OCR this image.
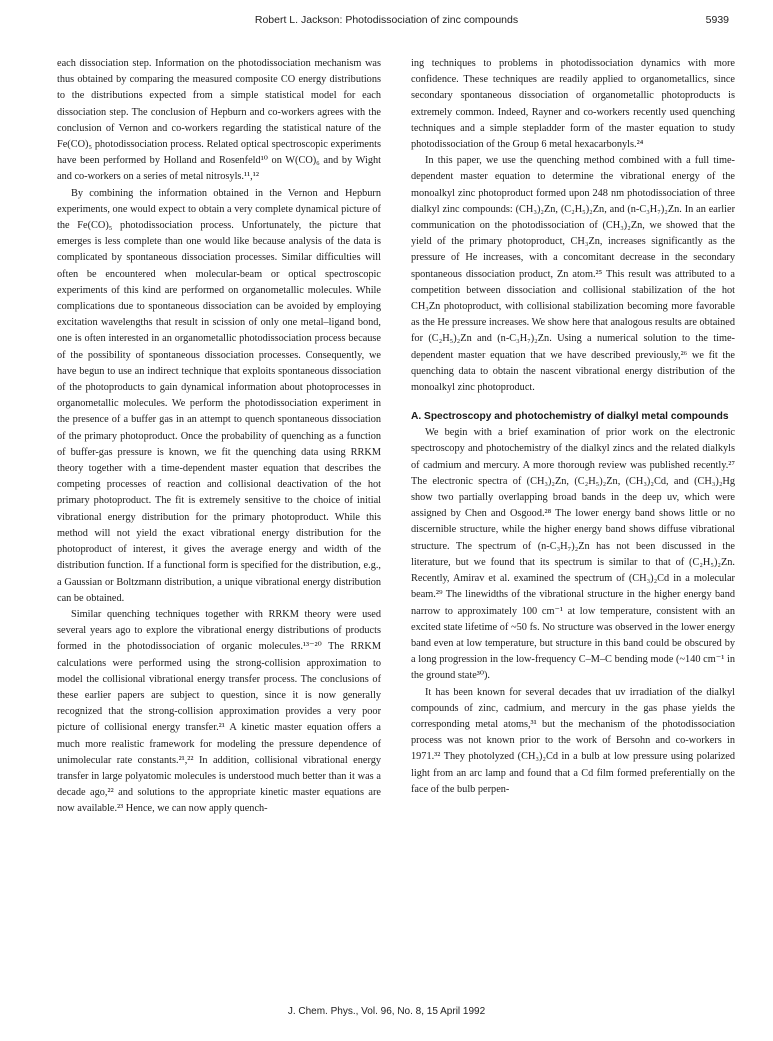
Robert L. Jackson: Photodissociation of zinc compounds	5939

each dissociation step. Information on the photodissociation mechanism was thus obtained by comparing the measured composite CO energy distributions to the distributions expected from a simple statistical model for each dissociation step. The conclusion of Hepburn and co-workers agrees with the conclusion of Vernon and co-workers regarding the statistical nature of the Fe(CO)₅ photodissociation process. Related optical spectroscopic experiments have been performed by Holland and Rosenfeld¹⁰ on W(CO)₆ and by Wight and co-workers on a series of metal nitrosyls.¹¹,¹²

By combining the information obtained in the Vernon and Hepburn experiments, one would expect to obtain a very complete dynamical picture of the Fe(CO)₅ photodissociation process. Unfortunately, the picture that emerges is less complete than one would like because analysis of the data is complicated by spontaneous dissociation processes. Similar difficulties will often be encountered when molecular-beam or optical spectroscopic experiments of this kind are performed on organometallic molecules. While complications due to spontaneous dissociation can be avoided by employing excitation wavelengths that result in scission of only one metal–ligand bond, one is often interested in an organometallic photodissociation process because of the possibility of spontaneous dissociation processes. Consequently, we have begun to use an indirect technique that exploits spontaneous dissociation of the photoproducts to gain dynamical information about photoprocesses in organometallic molecules. We perform the photodissociation experiment in the presence of a buffer gas in an attempt to quench spontaneous dissociation of the primary photoproduct. Once the probability of quenching as a function of buffer-gas pressure is known, we fit the quenching data using RRKM theory together with a time-dependent master equation that describes the competing processes of reaction and collisional deactivation of the hot primary photoproduct. The fit is extremely sensitive to the choice of initial vibrational energy distribution for the primary photoproduct. While this method will not yield the exact vibrational energy distribution for the photoproduct of interest, it gives the average energy and width of the distribution function. If a functional form is specified for the distribution, e.g., a Gaussian or Boltzmann distribution, a unique vibrational energy distribution can be obtained.

Similar quenching techniques together with RRKM theory were used several years ago to explore the vibrational energy distributions of products formed in the photodissociation of organic molecules.¹³⁻²⁰ The RRKM calculations were performed using the strong-collision approximation to model the collisional vibrational energy transfer process. The conclusions of these earlier papers are subject to question, since it is now generally recognized that the strong-collision approximation provides a very poor picture of collisional energy transfer.²¹ A kinetic master equation offers a much more realistic framework for modeling the pressure dependence of unimolecular rate constants.²¹,²² In addition, collisional vibrational energy transfer in large polyatomic molecules is understood much better than it was a decade ago,²² and solutions to the appropriate kinetic master equations are now available.²³ Hence, we can now apply quench-

ing techniques to problems in photodissociation dynamics with more confidence. These techniques are readily applied to organometallics, since secondary spontaneous dissociation of organometallic photoproducts is extremely common. Indeed, Rayner and co-workers recently used quenching techniques and a simple stepladder form of the master equation to study photodissociation of the Group 6 metal hexacarbonyls.²⁴

In this paper, we use the quenching method combined with a full time-dependent master equation to determine the vibrational energy of the monoalkyl zinc photoproduct formed upon 248 nm photodissociation of three dialkyl zinc compounds: (CH₃)₂Zn, (C₂H₅)₂Zn, and (n-C₃H₇)₂Zn. In an earlier communication on the photodissociation of (CH₃)₂Zn, we showed that the yield of the primary photoproduct, CH₃Zn, increases significantly as the pressure of He increases, with a concomitant decrease in the secondary spontaneous dissociation product, Zn atom.²⁵ This result was attributed to a competition between dissociation and collisional stabilization of the hot CH₃Zn photoproduct, with collisional stabilization becoming more favorable as the He pressure increases. We show here that analogous results are obtained for (C₂H₅)₂Zn and (n-C₃H₇)₂Zn. Using a numerical solution to the time-dependent master equation that we have described previously,²⁶ we fit the quenching data to obtain the nascent vibrational energy distribution of the monoalkyl zinc photoproduct.

A. Spectroscopy and photochemistry of dialkyl metal compounds

We begin with a brief examination of prior work on the electronic spectroscopy and photochemistry of the dialkyl zincs and the related dialkyls of cadmium and mercury. A more thorough review was published recently.²⁷ The electronic spectra of (CH₃)₂Zn, (C₂H₅)₂Zn, (CH₃)₂Cd, and (CH₃)₂Hg show two partially overlapping broad bands in the deep uv, which were assigned by Chen and Osgood.²⁸ The lower energy band shows little or no discernible structure, while the higher energy band shows diffuse vibrational structure. The spectrum of (n-C₃H₇)₂Zn has not been discussed in the literature, but we found that its spectrum is similar to that of (C₂H₅)₂Zn. Recently, Amirav et al. examined the spectrum of (CH₃)₂Cd in a molecular beam.²⁹ The linewidths of the vibrational structure in the higher energy band narrow to approximately 100 cm⁻¹ at low temperature, consistent with an excited state lifetime of ~50 fs. No structure was observed in the lower energy band even at low temperature, but structure in this band could be obscured by a long progression in the low-frequency C–M–C bending mode (~140 cm⁻¹ in the ground state³⁰).

It has been known for several decades that uv irradiation of the dialkyl compounds of zinc, cadmium, and mercury in the gas phase yields the corresponding metal atoms,³¹ but the mechanism of the photodissociation process was not known prior to the work of Bersohn and co-workers in 1971.³² They photolyzed (CH₃)₂Cd in a bulb at low pressure using polarized light from an arc lamp and found that a Cd film formed preferentially on the face of the bulb perpen-

J. Chem. Phys., Vol. 96, No. 8, 15 April 1992
